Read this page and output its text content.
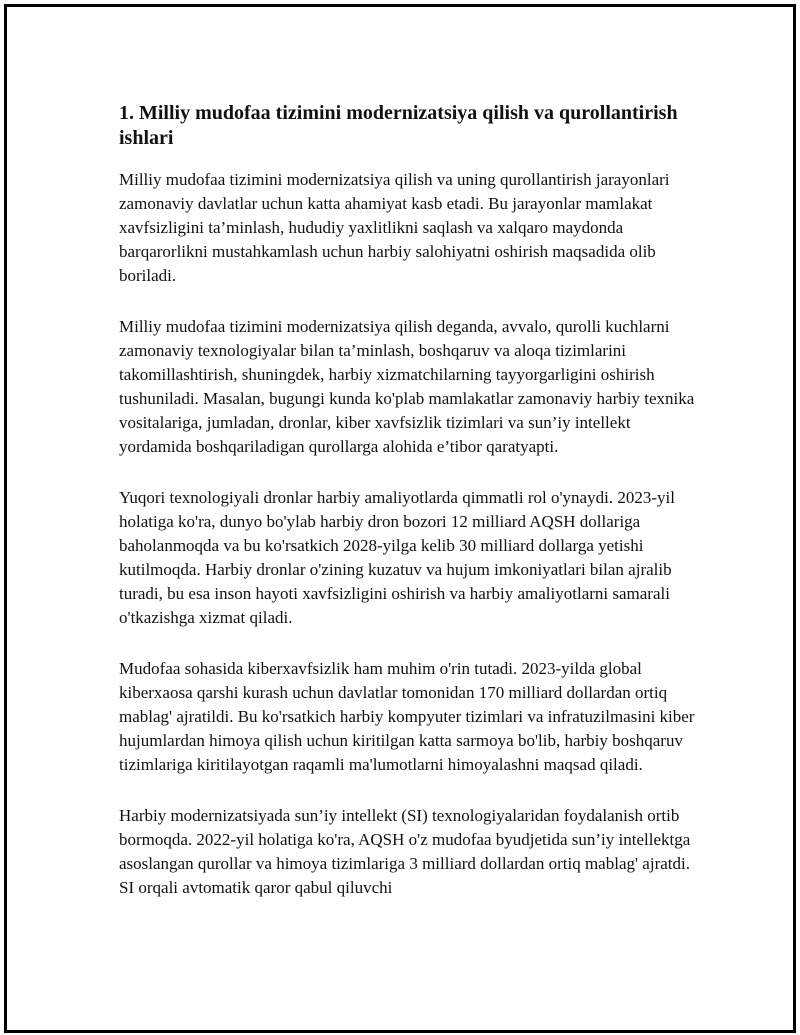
1. Milliy mudofaa tizimini modernizatsiya qilish va qurollantirish ishlari

Milliy mudofaa tizimini modernizatsiya qilish va uning qurollantirish jarayonlari zamonaviy davlatlar uchun katta ahamiyat kasb etadi. Bu jarayonlar mamlakat xavfsizligini ta’minlash, hududiy yaxlitlikni saqlash va xalqaro maydonda barqarorlikni mustahkamlash uchun harbiy salohiyatni oshirish maqsadida olib boriladi.

Milliy mudofaa tizimini modernizatsiya qilish deganda, avvalo, qurolli kuchlarni zamonaviy texnologiyalar bilan ta’minlash, boshqaruv va aloqa tizimlarini takomillashtirish, shuningdek, harbiy xizmatchilarning tayyorgarligini oshirish tushuniladi. Masalan, bugungi kunda ko'plab mamlakatlar zamonaviy harbiy texnika vositalariga, jumladan, dronlar, kiber xavfsizlik tizimlari va sun’iy intellekt yordamida boshqariladigan qurollarga alohida e’tibor qaratyapti.

Yuqori texnologiyali dronlar harbiy amaliyotlarda qimmatli rol o'ynaydi. 2023-yil holatiga ko'ra, dunyo bo'ylab harbiy dron bozori 12 milliard AQSH dollariga baholanmoqda va bu ko'rsatkich 2028-yilga kelib 30 milliard dollarga yetishi kutilmoqda. Harbiy dronlar o'zining kuzatuv va hujum imkoniyatlari bilan ajralib turadi, bu esa inson hayoti xavfsizligini oshirish va harbiy amaliyotlarni samarali o'tkazishga xizmat qiladi.

Mudofaa sohasida kiberxavfsizlik ham muhim o'rin tutadi. 2023-yilda global kiberxaosa qarshi kurash uchun davlatlar tomonidan 170 milliard dollardan ortiq mablag' ajratildi. Bu ko'rsatkich harbiy kompyuter tizimlari va infratuzilmasini kiber hujumlardan himoya qilish uchun kiritilgan katta sarmoya bo'lib, harbiy boshqaruv tizimlariga kiritilayotgan raqamli ma'lumotlarni himoyalashni maqsad qiladi.

Harbiy modernizatsiyada sun’iy intellekt (SI) texnologiyalaridan foydalanish ortib bormoqda. 2022-yil holatiga ko'ra, AQSH o'z mudofaa byudjetida sun’iy intellektga asoslangan qurollar va himoya tizimlariga 3 milliard dollardan ortiq mablag' ajratdi. SI orqali avtomatik qaror qabul qiluvchi
